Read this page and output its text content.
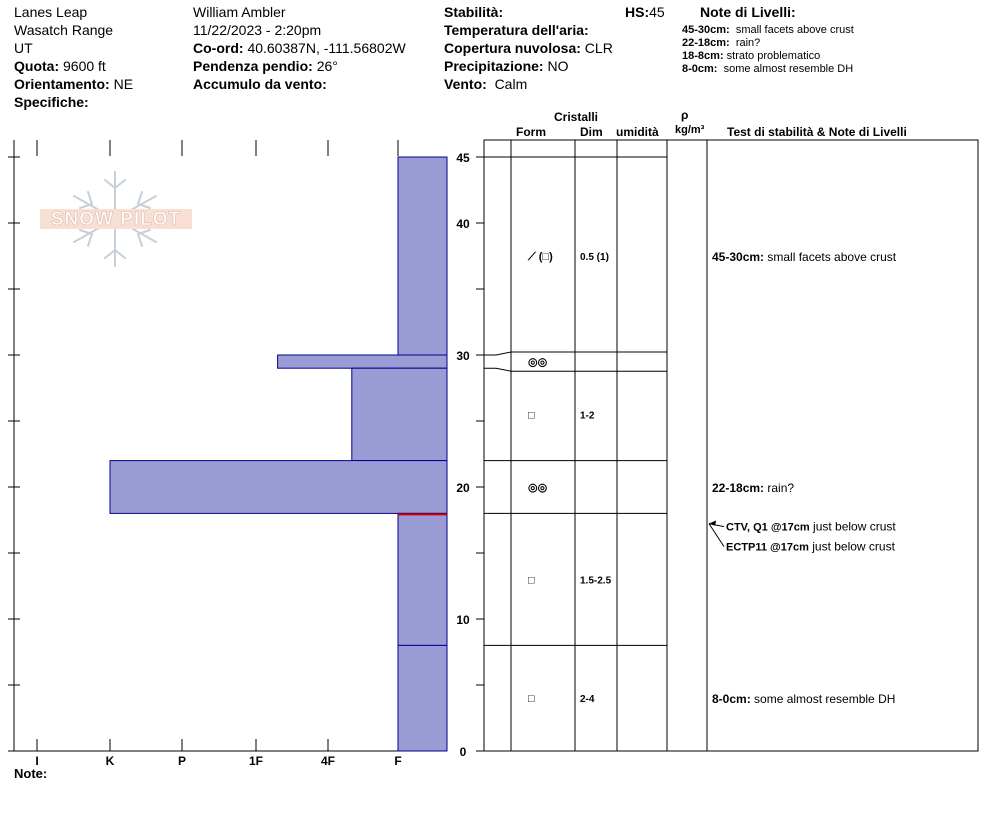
Lanes Leap
Wasatch Range
UT
Quota: 9600 ft
Orientamento: NE
Specifiche:
William Ambler
11/22/2023 - 2:20pm
Co-ord: 40.60387N, -111.56802W
Pendenza pendio: 26°
Accumulo da vento:
Stabilità:
Temperatura dell'aria:
Copertura nuvolosa: CLR
Precipitazione: NO
Vento: Calm
HS:45	Note di Livelli:
45-30cm: small facets above crust
22-18cm: rain?
18-8cm: strato problematico
8-0cm: some almost resemble DH
Cristalli
Form	Dim umidità
ρ
kg/m³ Test di stabilità & Note di Livelli
Note:
SNOW PILOT
0
10
20
30
40
45
I	K	P	1F	4F	F
⟋ (□)	0.5 (1)	45-30cm: small facets above crust
◎◎
□	1-2
◎◎	22-18cm: rain?
□	1.5-2.5
□	2-4	8-0cm: some almost resemble DH
CTV, Q1 @17cm just below crust
ECTP11 @17cm just below crust
